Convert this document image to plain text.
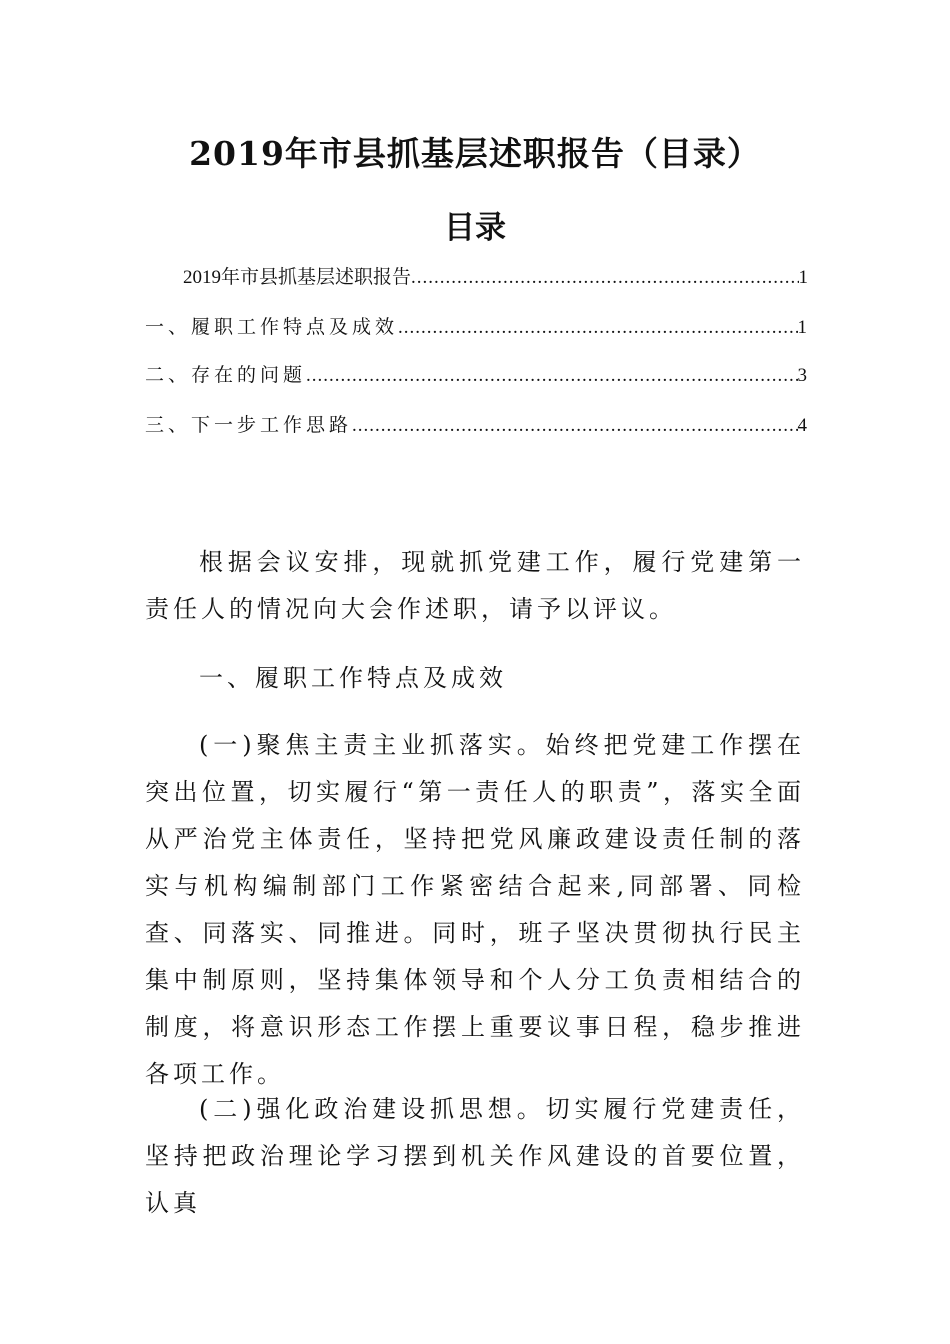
2019年市县抓基层述职报告（目录）
目录
2019年市县抓基层述职报告 .....	1
一、履职工作特点及成效 .....	1
二、存在的问题 .....	3
三、下一步工作思路 .....	4

根据会议安排，现就抓党建工作，履行党建第一责任人的情况向大会作述职，请予以评议。

一、履职工作特点及成效

(一)聚焦主责主业抓落实。始终把党建工作摆在突出位置，切实履行“第一责任人的职责”，落实全面从严治党主体责任，坚持把党风廉政建设责任制的落实与机构编制部门工作紧密结合起来,同部署、同检查、同落实、同推进。同时，班子坚决贯彻执行民主集中制原则，坚持集体领导和个人分工负责相结合的制度，将意识形态工作摆上重要议事日程，稳步推进各项工作。

(二)强化政治建设抓思想。切实履行党建责任，坚持把政治理论学习摆到机关作风建设的首要位置，认真
